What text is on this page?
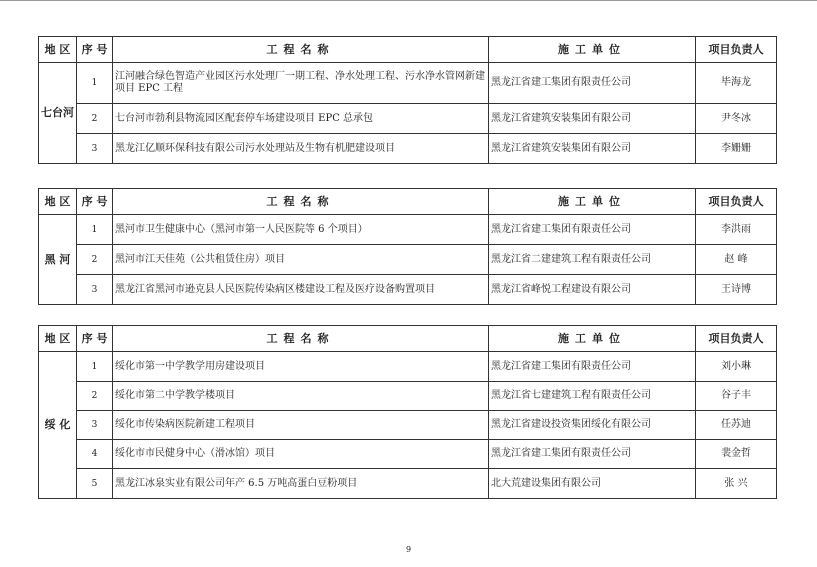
地 区	序 号	工程名称	施工单位	项目负责人
七台河	1	江河融合绿色智造产业园区污水处理厂一期工程、净水处理工程、污水净水管网新建项目 EPC 工程	黑龙江省建工集团有限责任公司	毕海龙
	2	七台河市勃利县物流园区配套停车场建设项目 EPC 总承包	黑龙江省建筑安装集团有限公司	尹冬冰
	3	黑龙江亿顺环保科技有限公司污水处理站及生物有机肥建设项目	黑龙江省建筑安装集团有限公司	李姗姗
地 区	序 号	工程名称	施工单位	项目负责人
黑 河	1	黑河市卫生健康中心（黑河市第一人民医院等 6 个项目）	黑龙江省建工集团有限责任公司	李洪雨
	2	黑河市江天佳苑（公共租赁住房）项目	黑龙江省二建建筑工程有限责任公司	赵 峰
	3	黑龙江省黑河市逊克县人民医院传染病区楼建设工程及医疗设备购置项目	黑龙江省峰悦工程建设有限公司	王诗博
地 区	序 号	工程名称	施工单位	项目负责人
绥 化	1	绥化市第一中学教学用房建设项目	黑龙江省建工集团有限责任公司	刘小琳
	2	绥化市第二中学教学楼项目	黑龙江省七建建筑工程有限责任公司	谷子丰
	3	绥化市传染病医院新建工程项目	黑龙江省建设投资集团绥化有限公司	任苏迪
	4	绥化市市民健身中心（滑冰馆）项目	黑龙江省建工集团有限责任公司	裴金哲
	5	黑龙江冰泉实业有限公司年产 6.5 万吨高蛋白豆粉项目	北大荒建设集团有限公司	张 兴
9
